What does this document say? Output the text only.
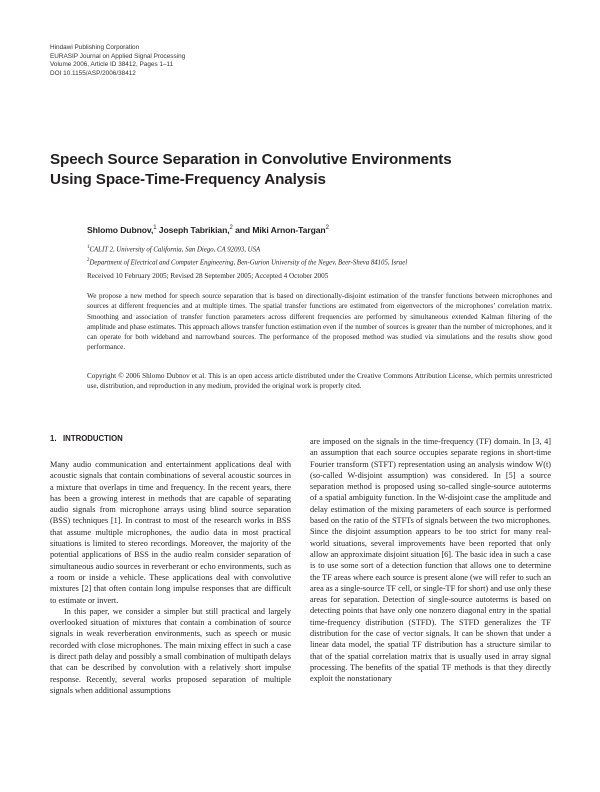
Hindawi Publishing Corporation
EURASIP Journal on Applied Signal Processing
Volume 2006, Article ID 38412, Pages 1–11
DOI 10.1155/ASP/2006/38412
Speech Source Separation in Convolutive Environments
Using Space-Time-Frequency Analysis
Shlomo Dubnov,$^1$ Joseph Tabrikian,$^2$ and Miki Arnon-Targan$^2$
$^1$CALIT 2, University of California, San Diego, CA 92093, USA
$^2$Department of Electrical and Computer Engineering, Ben-Gurion University of the Negev, Beer-Sheva 84105, Israel
Received 10 February 2005; Revised 28 September 2005; Accepted 4 October 2005
We propose a new method for speech source separation that is based on directionally-disjoint estimation of the transfer functions between microphones and sources at different frequencies and at multiple times. The spatial transfer functions are estimated from eigenvectors of the microphones’ correlation matrix. Smoothing and association of transfer function parameters across different frequencies are performed by simultaneous extended Kalman filtering of the amplitude and phase estimates. This approach allows transfer function estimation even if the number of sources is greater than the number of microphones, and it can operate for both wideband and narrowband sources. The performance of the proposed method was studied via simulations and the results show good performance.
Copyright © 2006 Shlomo Dubnov et al. This is an open access article distributed under the Creative Commons Attribution License, which permits unrestricted use, distribution, and reproduction in any medium, provided the original work is properly cited.
1. INTRODUCTION

Many audio communication and entertainment applications deal with acoustic signals that contain combinations of several acoustic sources in a mixture that overlaps in time and frequency. In the recent years, there has been a growing interest in methods that are capable of separating audio signals from microphone arrays using blind source separation (BSS) techniques [1]. In contrast to most of the research works in BSS that assume multiple microphones, the audio data in most practical situations is limited to stereo recordings. Moreover, the majority of the potential applications of BSS in the audio realm consider separation of simultaneous audio sources in reverberant or echo environments, such as a room or inside a vehicle. These applications deal with convolutive mixtures [2] that often contain long impulse responses that are difficult to estimate or invert.

In this paper, we consider a simpler but still practical and largely overlooked situation of mixtures that contain a combination of source signals in weak reverberation environments, such as speech or music recorded with close microphones. The main mixing effect in such a case is direct path delay and possibly a small combination of multipath delays that can be described by convolution with a relatively short impulse response. Recently, several works proposed separation of multiple signals when additional assumptions

are imposed on the signals in the time-frequency (TF) domain. In [3, 4] an assumption that each source occupies separate regions in short-time Fourier transform (STFT) representation using an analysis window W(t) (so-called W-disjoint assumption) was considered. In [5] a source separation method is proposed using so-called single-source autoterms of a spatial ambiguity function. In the W-disjoint case the amplitude and delay estimation of the mixing parameters of each source is performed based on the ratio of the STFTs of signals between the two microphones. Since the disjoint assumption appears to be too strict for many real-world situations, several improvements have been reported that only allow an approximate disjoint situation [6]. The basic idea in such a case is to use some sort of a detection function that allows one to determine the TF areas where each source is present alone (we will refer to such an area as a single-source TF cell, or single-TF for short) and use only these areas for separation. Detection of single-source autoterms is based on detecting points that have only one nonzero diagonal entry in the spatial time-frequency distribution (STFD). The STFD generalizes the TF distribution for the case of vector signals. It can be shown that under a linear data model, the spatial TF distribution has a structure similar to that of the spatial correlation matrix that is usually used in array signal processing. The benefits of the spatial TF methods is that they directly exploit the nonstationary
